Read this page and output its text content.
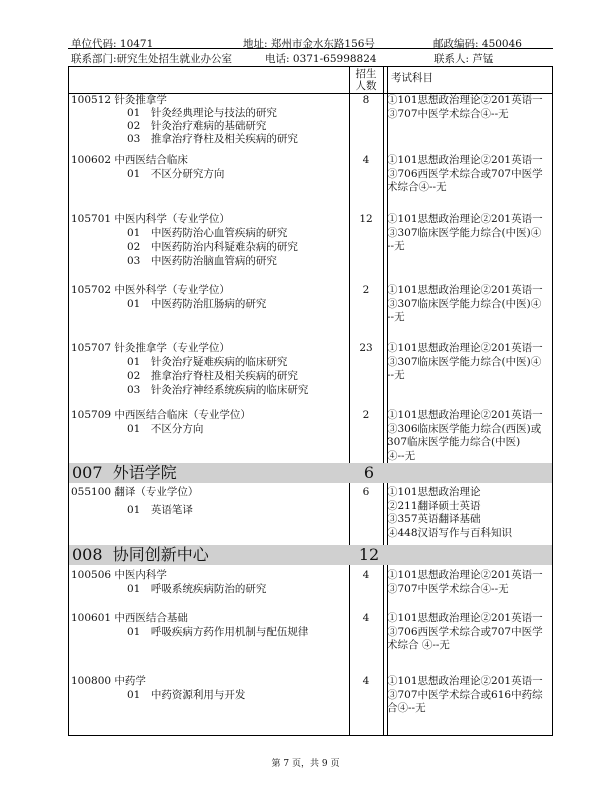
单位代码: 10471	地址: 郑州市金水东路156号	邮政编码: 450046
联系部门:研究生处招生就业办公室	电话: 0371-65998824	联系人: 芦锰
招生
人数
考试科目
100512 针灸推拿学
01　针灸经典理论与技法的研究
02　针灸治疗难病的基础研究
03　推拿治疗脊柱及相关疾病的研究
8	①101思想政治理论②201英语一
③707中医学术综合④--无
100602 中西医结合临床
01　不区分研究方向
4	①101思想政治理论②201英语一
③706西医学术综合或707中医学
术综合④--无
105701 中医内科学（专业学位）
01　中医药防治心血管疾病的研究
02　中医药防治内科疑难杂病的研究
03　中医药防治脑血管病的研究
12	①101思想政治理论②201英语一
③307临床医学能力综合(中医)④
--无
105702 中医外科学（专业学位）
01　中医药防治肛肠病的研究
2	①101思想政治理论②201英语一
③307临床医学能力综合(中医)④
--无
105707 针灸推拿学（专业学位）
01　针灸治疗疑难疾病的临床研究
02　推拿治疗脊柱及相关疾病的研究
03　针灸治疗神经系统疾病的临床研究
23	①101思想政治理论②201英语一
③307临床医学能力综合(中医)④
--无
105709 中西医结合临床（专业学位）
01　不区分方向
2	①101思想政治理论②201英语一
③306临床医学能力综合(西医)或
307临床医学能力综合(中医)
④--无
007 外语学院	6
055100 翻译（专业学位）
01　英语笔译
6	①101思想政治理论
②211翻译硕士英语
③357英语翻译基础
④448汉语写作与百科知识
008 协同创新中心	12
100506 中医内科学
01　呼吸系统疾病防治的研究
4	①101思想政治理论②201英语一
③707中医学术综合④--无
100601 中西医结合基础
01　呼吸疾病方药作用机制与配伍规律
4	①101思想政治理论②201英语一
③706西医学术综合或707中医学
术综合 ④--无
100800 中药学
01　中药资源利用与开发
4	①101思想政治理论②201英语一
③707中医学术综合或616中药综
合④--无
第 7 页，共 9 页
